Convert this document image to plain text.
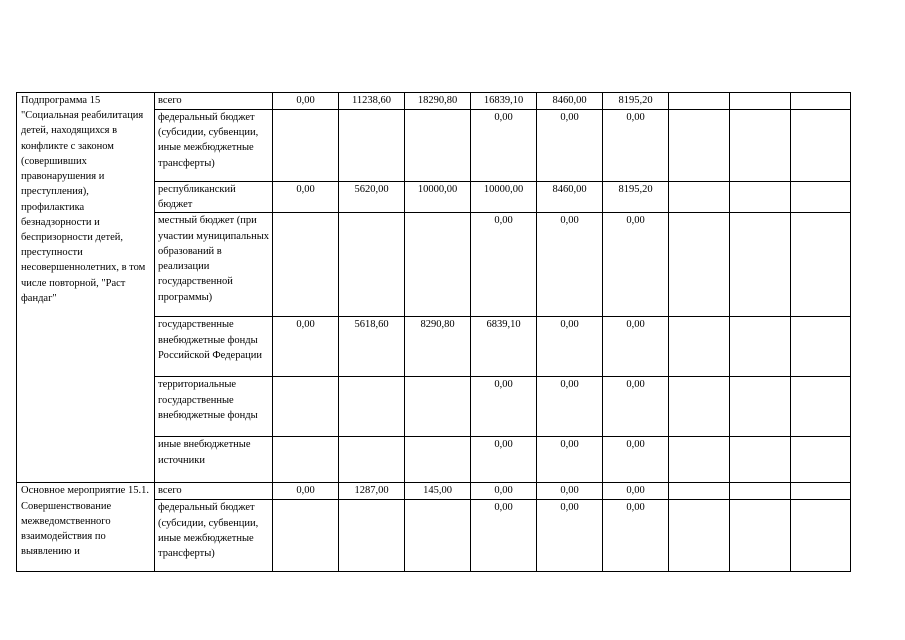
Подпрограмма 15 "Социальная реабилитация детей, находящихся в конфликте с законом (совершивших правонарушения и преступления), профилактика безнадзорности и беспризорности детей, преступности несовершеннолетних, в том числе повторной, "Раст фандаг"	всего	0,00	11238,60	18290,80	16839,10	8460,00	8195,20			
	федеральный бюджет (субсидии, субвенции, иные межбюджетные трансферты)				0,00	0,00	0,00			
	республиканский бюджет	0,00	5620,00	10000,00	10000,00	8460,00	8195,20			
	местный бюджет (при участии муниципальных образований в реализации государственной программы)				0,00	0,00	0,00			
	государственные внебюджетные фонды Российской Федерации	0,00	5618,60	8290,80	6839,10	0,00	0,00			
	территориальные государственные внебюджетные фонды				0,00	0,00	0,00			
	иные внебюджетные источники				0,00	0,00	0,00			
Основное мероприятие 15.1. Совершенствование межведомственного взаимодействия по выявлению и	всего	0,00	1287,00	145,00	0,00	0,00	0,00			
	федеральный бюджет (субсидии, субвенции, иные межбюджетные трансферты)				0,00	0,00	0,00			
